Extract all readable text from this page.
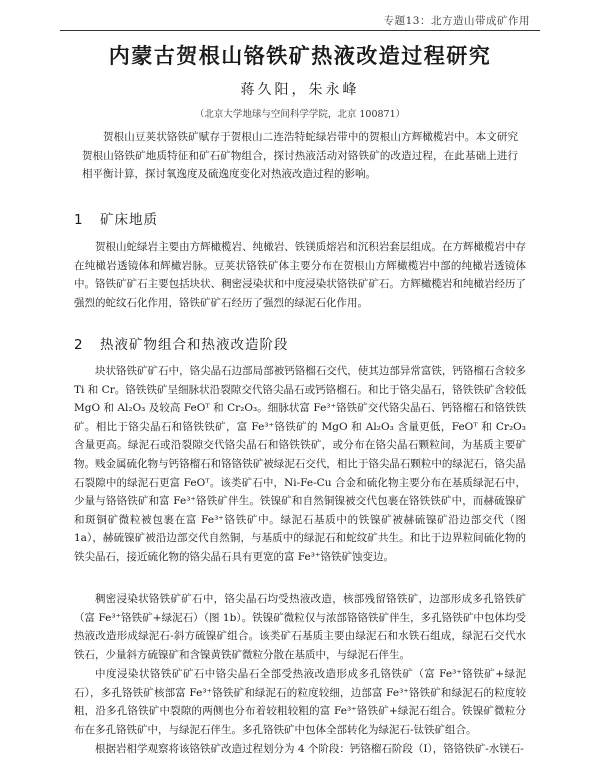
专题13：北方造山带成矿作用
内蒙古贺根山铬铁矿热液改造过程研究
蒋久阳，朱永峰
（北京大学地球与空间科学学院，北京 100871）
贺根山豆荚状铬铁矿赋存于贺根山二连浩特蛇绿岩带中的贺根山方辉橄榄岩中。本文研究贺根山铬铁矿地质特征和矿石矿物组合，探讨热液活动对铬铁矿的改造过程，在此基础上进行相平衡计算，探讨氧逸度及硫逸度变化对热液改造过程的影响。
1 矿床地质
贺根山蛇绿岩主要由方辉橄榄岩、纯橄岩、铁镁质熔岩和沉积岩套层组成。在方辉橄榄岩中存在纯橄岩透镜体和辉橄岩脉。豆荚状铬铁矿体主要分布在贺根山方辉橄榄岩中部的纯橄岩透镜体中。铬铁矿矿石主要包括块状、稠密浸染状和中度浸染状铬铁矿矿石。方辉橄榄岩和纯橄岩经历了强烈的蛇纹石化作用，铬铁矿矿石经历了强烈的绿泥石化作用。
2 热液矿物组合和热液改造阶段
块状铬铁矿矿石中，铬尖晶石边部局部被钙铬榴石交代，使其边部异常富铁，钙铬榴石含较多Ti 和 Cr。铬铁铁矿呈细脉状沿裂隙交代铬尖晶石或钙铬榴石。和比于铬尖晶石，铬铁铁矿含较低 MgO 和 Al₂O₃ 及较高 FeOᵀ 和 Cr₂O₃。细脉状富 Fe³⁺铬铁矿交代铬尖晶石、钙铬榴石和铬铁铁矿。相比于铬尖晶石和铬铁铁矿，富 Fe³⁺铬铁矿的 MgO 和 Al₂O₃ 含量更低，FeOᵀ 和 Cr₂O₃ 含量更高。绿泥石或沿裂隙交代铬尖晶石和铬铁铁矿，或分布在铬尖晶石颗粒间，为基质主要矿物。贱金属硫化物与钙铬榴石和铬铬铁矿被绿泥石交代，相比于铬尖晶石颗粒中的绿泥石，铬尖晶石裂隙中的绿泥石更富 FeOᵀ。该类矿石中，Ni-Fe-Cu 合金和硫化物主要分布在基质绿泥石中，少量与铬铬铁矿和富 Fe³⁺铬铁矿伴生。铁镍矿和自然铜镍被交代包裹在铬铁铁矿中，而赫硫镍矿和斑铜矿微粒被包裹在富 Fe³⁺铬铁矿中。绿泥石基质中的铁镍矿被赫硫镍矿沿边部交代（图 1a），赫硫镍矿被沿边部交代自然铜，与基质中的绿泥石和蛇纹矿共生。和比于边界粒间硫化物的铁尖晶石，接近硫化物的铬尖晶石具有更宽的富 Fe³⁺铬铁矿蚀变边。
稠密浸染状铬铁矿矿石中，铬尖晶石均受热液改造，核部残留铬铁矿，边部形成多孔铬铁矿（富 Fe³⁺铬铁矿+绿泥石）（图 1b）。铁镍矿微粒仅与浓部铬铬铁矿伴生，多孔铬铁矿中包体均受热液改造形成绿泥石-斜方硫镍矿组合。该类矿石基质主要由绿泥石和水铁石组成，绿泥石交代水铁石，少量斜方硫镍矿和含镍黄铁矿微粒分散在基质中，与绿泥石伴生。
中度浸染状铬铁矿矿石中铬尖晶石全部受热液改造形成多孔铬铁矿（富 Fe³⁺铬铁矿+绿泥石），多孔铬铁矿核部富 Fe³⁺铬铁矿和绿泥石的粒度较细，边部富 Fe³⁺铬铁矿和绿泥石的粒度较粗，沿多孔铬铁矿中裂隙的两侧也分布着较粗较粗的富 Fe³⁺铬铁矿+绿泥石组合。铁镍矿微粒分布在多孔铬铁矿中，与绿泥石伴生。多孔铬铁矿中包体全部转化为绿泥石-钛铁矿组合。
根据岩相学观察将该铬铁矿改造过程划分为 4 个阶段：钙铬榴石阶段（I），铬铬铁矿-水镁石-
